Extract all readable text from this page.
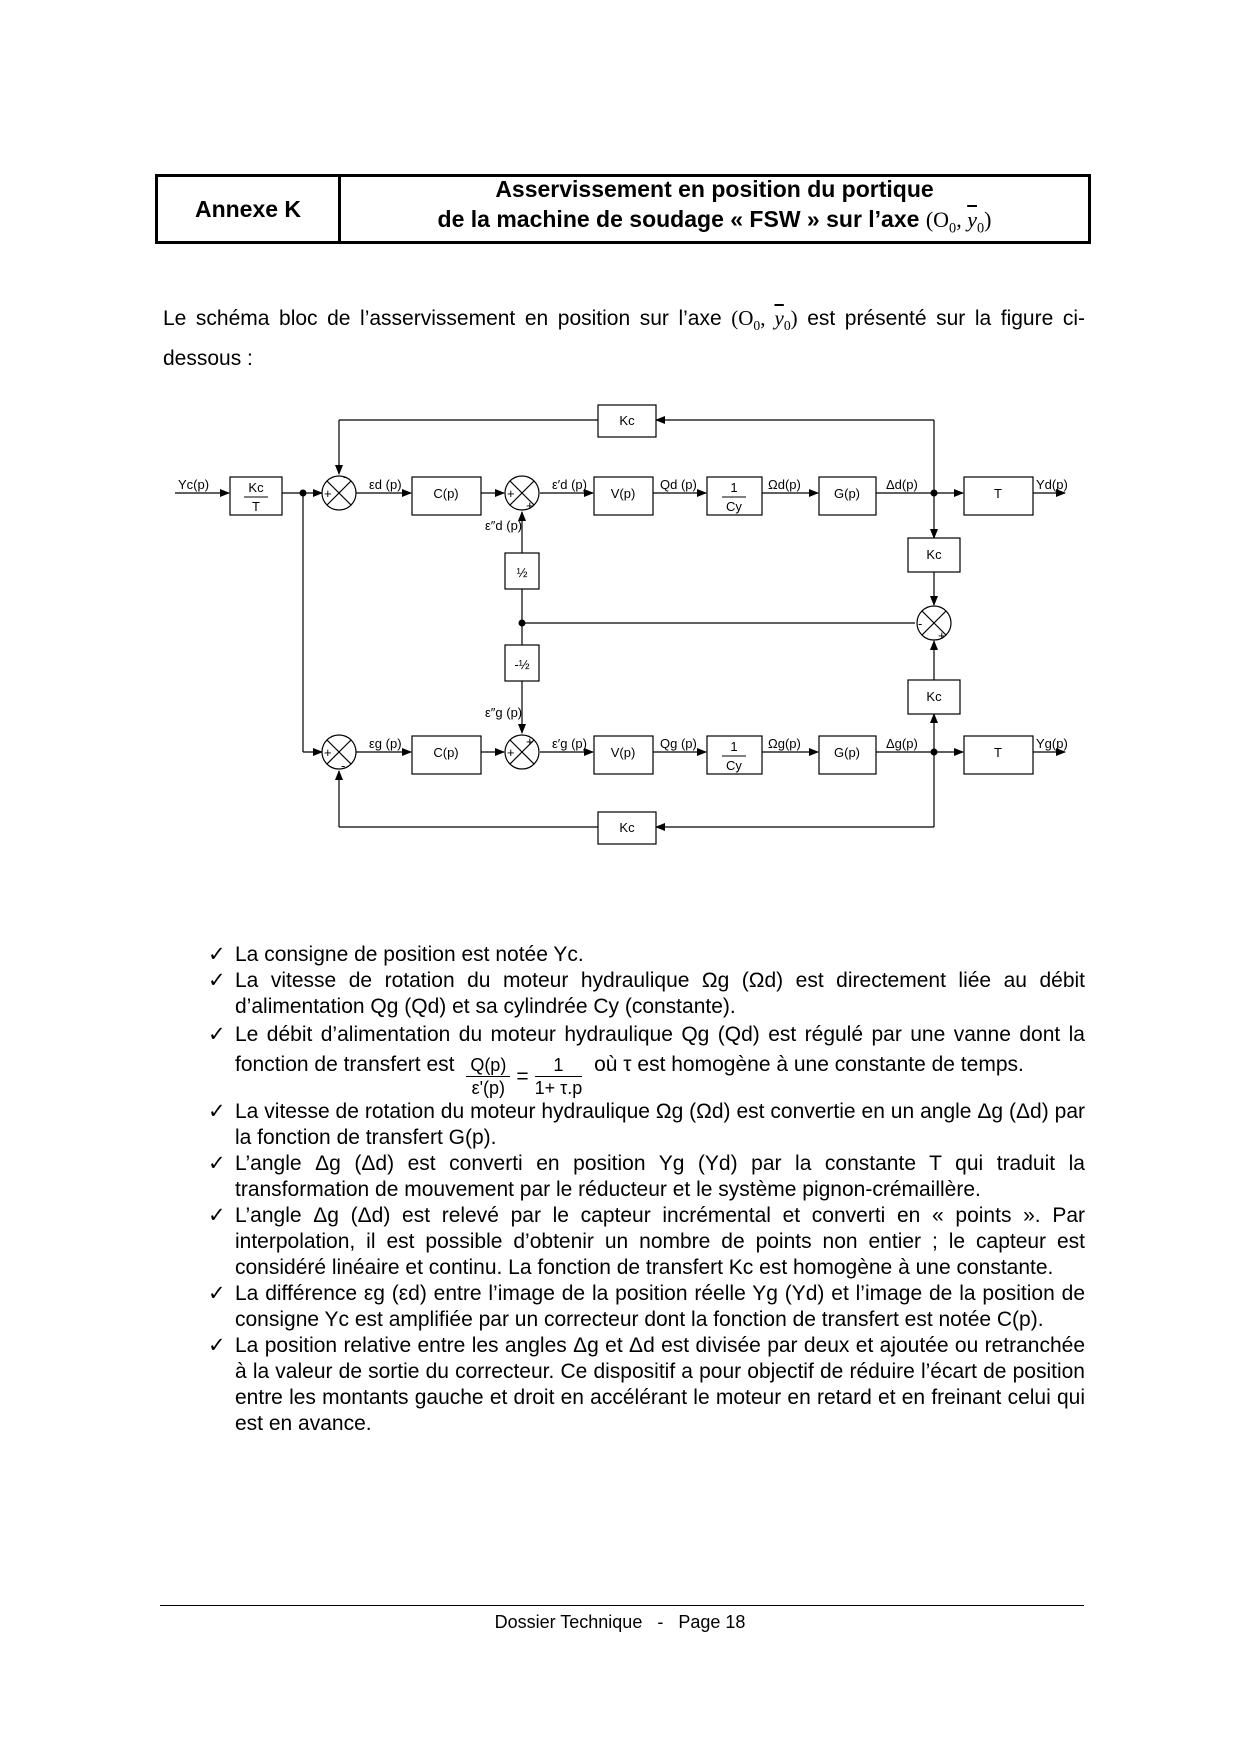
Annexe K
Asservissement en position du portique
de la machine de soudage « FSW » sur l’axe ($O_0$, $\overline{y}_0$)
Le schéma bloc de l’asservissement en position sur l’axe ($O_0$, $\overline{y}_0$) est présenté sur la figure ci-dessous :
Kc
T
C(p)	V(p)	1
Cy
G(p)	T
Kc
½
-½
Kc
Kc
C(p)	V(p)	1
Cy
G(p)	T
Kc
Yc(p)	εd (p)	ε′d (p)	Qd (p)	Ωd(p)	Δd(p)	Yd(p)
ε″d (p)
ε″g (p)
εg (p)	ε′g (p)	Qg (p)	Ωg(p)	Δg(p)	Yg(p)
+
-
+
+
-
+
+
-
+
+
✓ La consigne de position est notée Yc.
✓ La vitesse de rotation du moteur hydraulique Ωg (Ωd) est directement liée au débit d’alimentation Qg (Qd) et sa cylindrée Cy (constante).
✓ Le débit d’alimentation du moteur hydraulique Qg (Qd) est régulé par une vanne dont la fonction de transfert est $\frac{Q(p)}{\varepsilon'(p)} = \frac{1}{1+ \tau.p}$ où τ est homogène à une constante de temps.
✓ La vitesse de rotation du moteur hydraulique Ωg (Ωd) est convertie en un angle Δg (Δd) par la fonction de transfert G(p).
✓ L’angle Δg (Δd) est converti en position Yg (Yd) par la constante T qui traduit la transformation de mouvement par le réducteur et le système pignon-crémaillère.
✓ L’angle Δg (Δd) est relevé par le capteur incrémental et converti en « points ». Par interpolation, il est possible d’obtenir un nombre de points non entier ; le capteur est considéré linéaire et continu. La fonction de transfert Kc est homogène à une constante.
✓ La différence εg (εd) entre l’image de la position réelle Yg (Yd) et l’image de la position de consigne Yc est amplifiée par un correcteur dont la fonction de transfert est notée C(p).
✓ La position relative entre les angles Δg et Δd est divisée par deux et ajoutée ou retranchée à la valeur de sortie du correcteur. Ce dispositif a pour objectif de réduire l’écart de position entre les montants gauche et droit en accélérant le moteur en retard et en freinant celui qui est en avance.
Dossier Technique   -   Page 18
